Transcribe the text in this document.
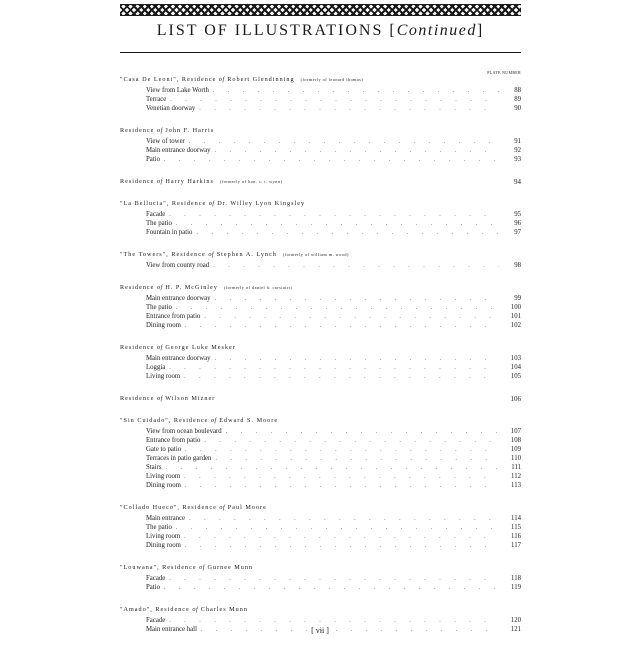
LIST OF ILLUSTRATIONS [Continued]
PLATE NUMBER
"Casa De Leoni", Residence of Robert Glendinning (formerly of leonard thomas)
View from Lake Worth . . .	88
Terrace . . .	89
Venetian doorway . . .	90
Residence of John F. Harris
View of tower . . .	91
Main entrance doorway . . .	92
Patio . . .	93
Residence of Harry Harkins (formerly of hon. c. t. wynn)	94
"La Bellucia", Residence of Dr. Willey Lyon Kingsley
Facade . . .	95
The patio . . .	96
Fountain in patio . . .	97
"The Towers", Residence of Stephen A. Lynch (formerly of william m. wood)
View from county road . . .	98
Residence of H. P. McGinley (formerly of daniel h. carstairs)
Main entrance doorway . . .	99
The patio . . .	100
Entrance from patio . . .	101
Dining room . . .	102
Residence of George Luke Mesker
Main entrance doorway . . .	103
Loggia . . .	104
Living room . . .	105
Residence of Wilson Mizner	106
"Sin Cuidado", Residence of Edward S. Moore
View from ocean boulevard . . .	107
Entrance from patio . . .	108
Gate to patio . . .	109
Terraces in patio garden . . .	110
Stairs . . .	111
Living room . . .	112
Dining room . . .	113
"Collado Hueco", Residence of Paul Moore
Main entrance . . .	114
The patio . . .	115
Living room . . .	116
Dining room . . .	117
"Louwana", Residence of Gurnee Munn
Facade . . .	118
Patio . . .	119
"Amado", Residence of Charles Munn
Facade . . .	120
Main entrance hall . . .	121
[ vii ]
